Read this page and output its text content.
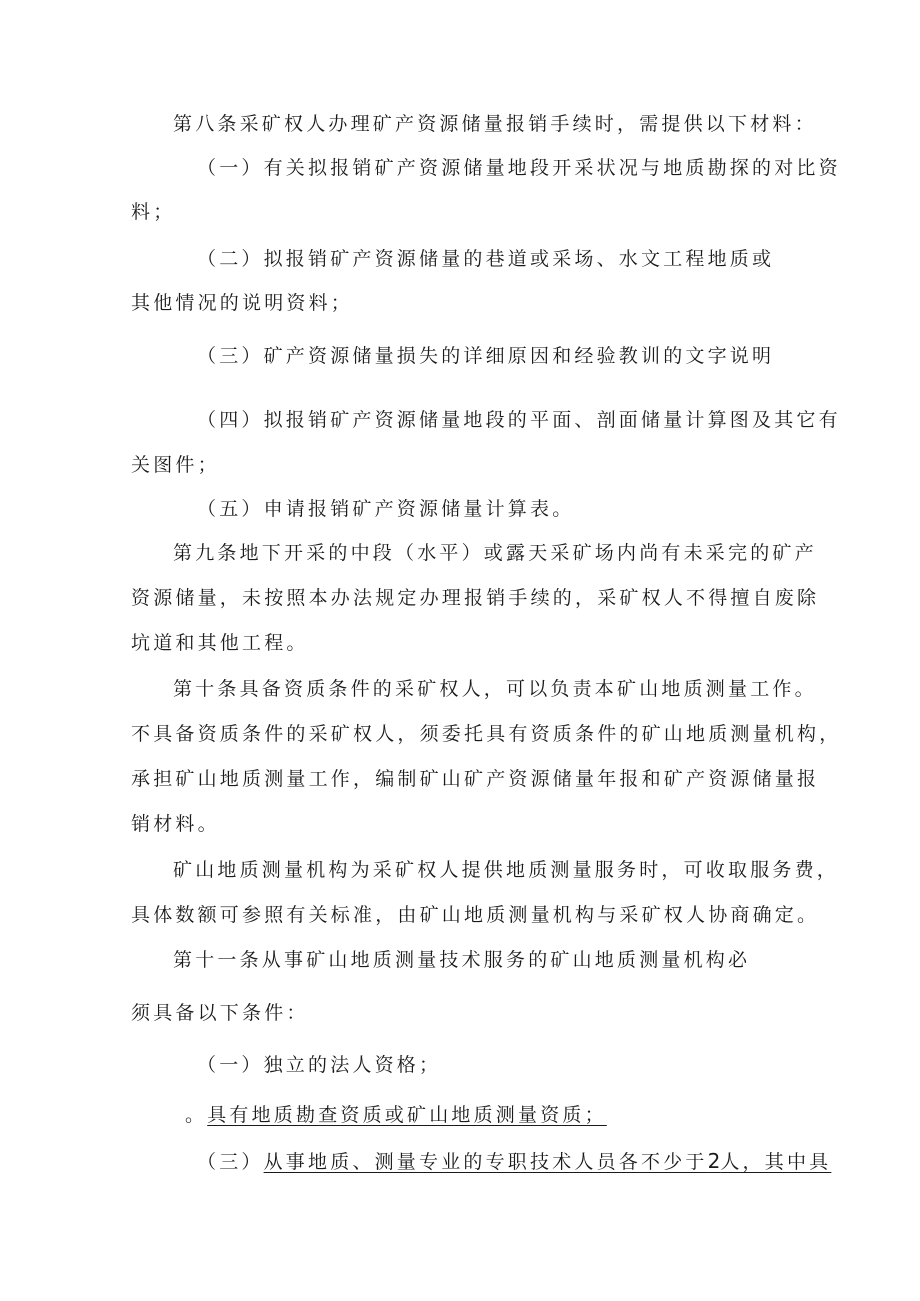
第八条采矿权人办理矿产资源储量报销手续时，需提供以下材料：
（一）有关拟报销矿产资源储量地段开采状况与地质勘探的对比资
料；
（二）拟报销矿产资源储量的巷道或采场、水文工程地质或
其他情况的说明资料；
（三）矿产资源储量损失的详细原因和经验教训的文字说明
（四）拟报销矿产资源储量地段的平面、剖面储量计算图及其它有
关图件；
（五）申请报销矿产资源储量计算表。
第九条地下开采的中段（水平）或露天采矿场内尚有未采完的矿产
资源储量，未按照本办法规定办理报销手续的，采矿权人不得擅自废除
坑道和其他工程。
第十条具备资质条件的采矿权人，可以负责本矿山地质测量工作。
不具备资质条件的采矿权人，须委托具有资质条件的矿山地质测量机构，
承担矿山地质测量工作，编制矿山矿产资源储量年报和矿产资源储量报
销材料。
矿山地质测量机构为采矿权人提供地质测量服务时，可收取服务费，
具体数额可参照有关标准，由矿山地质测量机构与采矿权人协商确定。
第十一条从事矿山地质测量技术服务的矿山地质测量机构必
须具备以下条件：
（一）独立的法人资格；
。具有地质勘查资质或矿山地质测量资质；
（三）从事地质、测量专业的专职技术人员各不少于2人，其中具
